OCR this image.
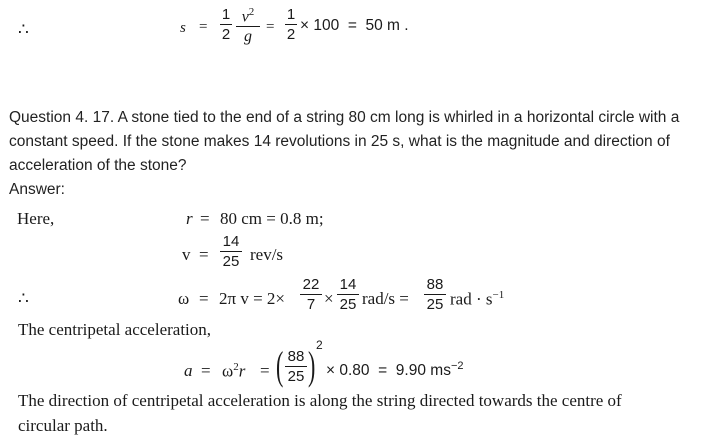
∴	s =
1
2
$v^2$
g
=
1
2
× 100  =  50 m .
Question 4. 17. A stone tied to the end of a string 80 cm long is whirled in a horizontal circle with a
constant speed. If the stone makes 14 revolutions in 25 s, what is the magnitude and direction of
acceleration of the stone?
Answer:
Here,	r = 80 cm = 0.8 m;
v =
14
25 rev/s
∴	ω = 2π v = 2×
22
7 ×
14
25 rad/s =
88
25 rad · $s^{-1}$
The centripetal acceleration,
$a = \omega^2r$ = ( 88
25 ) 2
× 0.80  =  9.90 $ms^{-2}$
The direction of centripetal acceleration is along the string directed towards the centre of
circular path.
